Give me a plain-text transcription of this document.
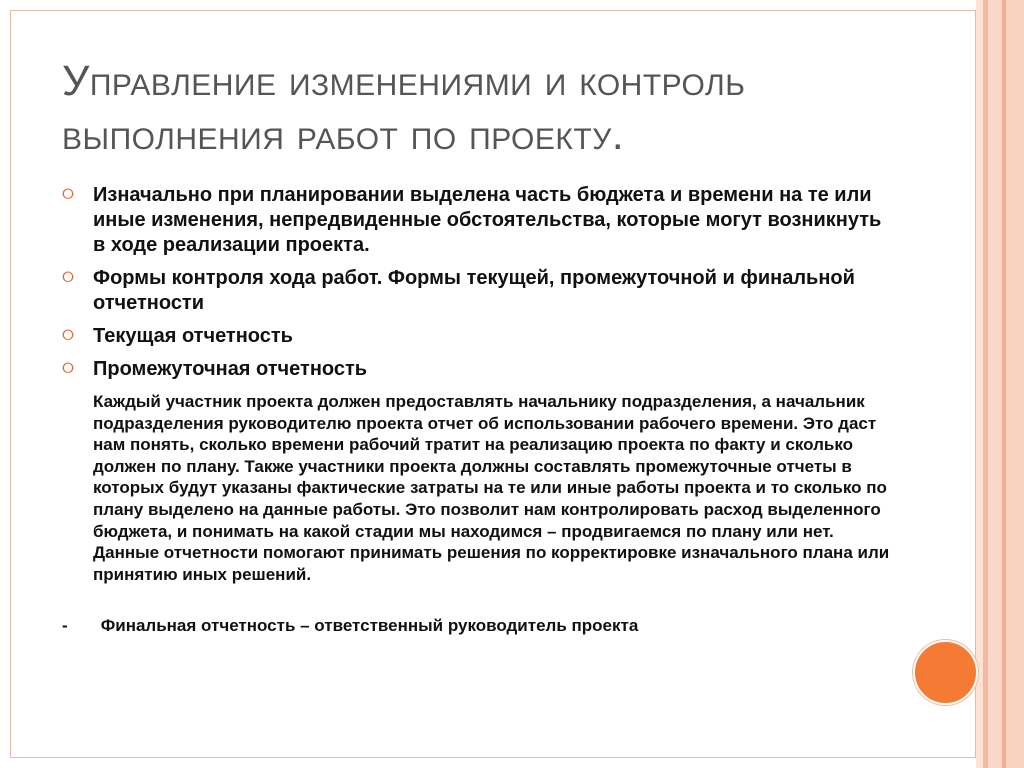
Управление изменениями и контроль выполнения работ по проекту.
⭘ Изначально при планировании выделена часть бюджета и времени на те или иные изменения, непредвиденные обстоятельства, которые могут возникнуть в ходе реализации проекта.
⭘ Формы контроля хода работ. Формы текущей, промежуточной и финальной отчетности
⭘ Текущая отчетность
⭘ Промежуточная отчетность
Каждый участник проекта должен предоставлять начальнику подразделения, а начальник подразделения руководителю проекта отчет об использовании рабочего времени. Это даст нам понять, сколько времени рабочий тратит на реализацию проекта по факту и сколько должен по плану. Также участники проекта должны составлять промежуточные отчеты в которых будут указаны фактические затраты на те или иные работы проекта и то сколько по плану выделено на данные работы. Это позволит нам контролировать расход выделенного бюджета, и понимать на какой стадии мы находимся – продвигаемся по плану или нет. Данные отчетности помогают принимать решения по корректировке изначального плана или принятию иных решений.
- Финальная отчетность – ответственный руководитель проекта
